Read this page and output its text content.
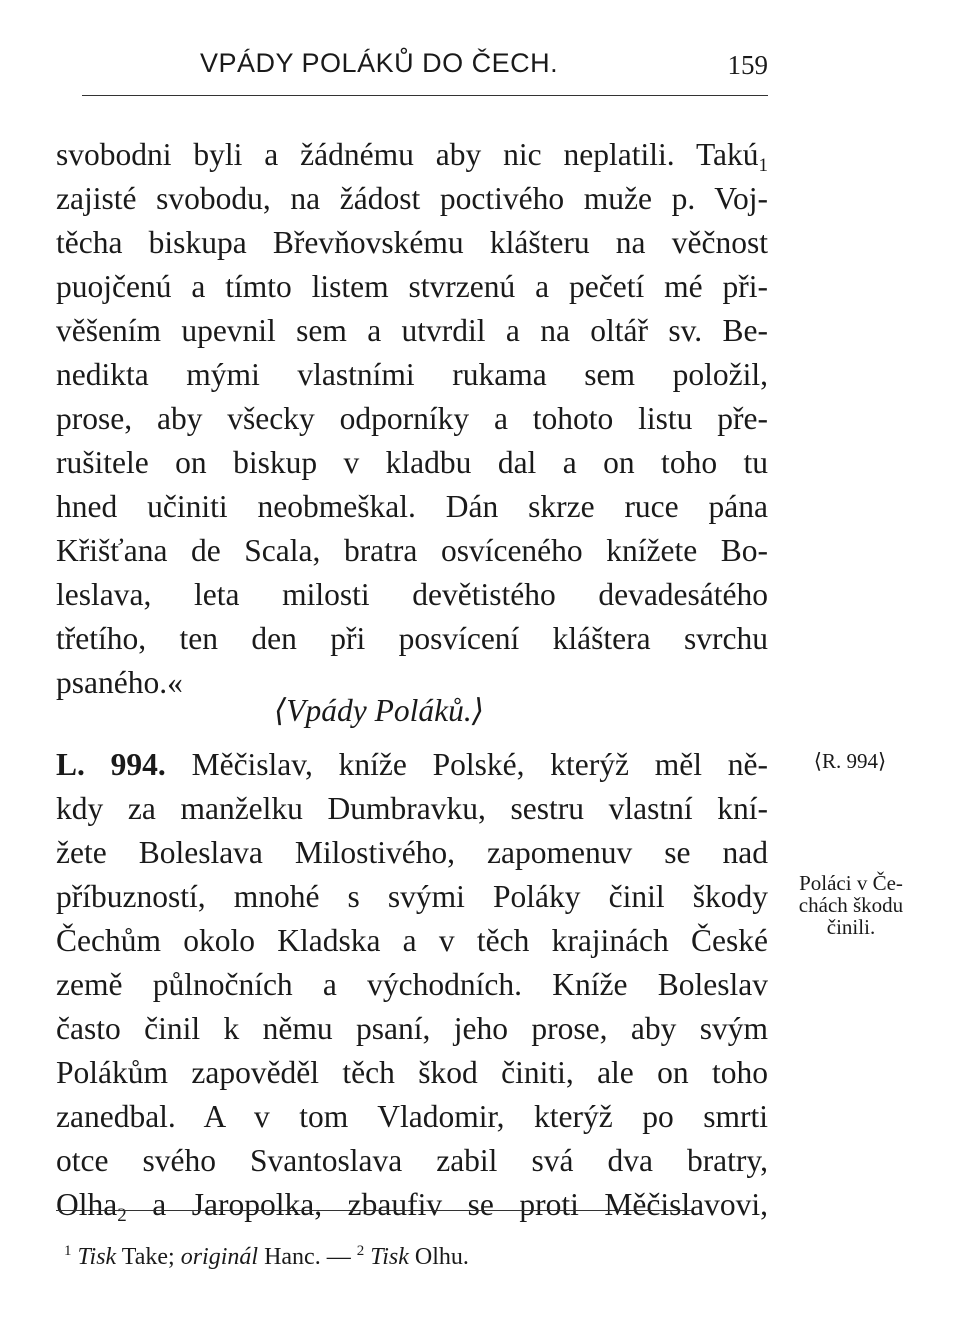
VPÁDY POLÁKŮ DO ČECH.	159
svobodni byli a žádnému aby nic neplatili. Takú$_1$
zajisté svobodu, na žádost poctivého muže p. Voj-
těcha biskupa Břevňovskému klášteru na věčnost
puojčenú a tímto listem stvrzenú a pečetí mé při-
věšením upevnil sem a utvrdil a na oltář sv. Be-
nedikta mými vlastními rukama sem položil,
prose, aby všecky odporníky a tohoto listu pře-
rušitele on biskup v kladbu dal a on toho tu
hned učiniti neobmeškal. Dán skrze ruce pána
Křišťana de Scala, bratra osvíceného knížete Bo-
leslava, leta milosti devětistého devadesátého
třetího, ten den při posvícení kláštera svrchu
psaného.«
⟨Vpády Poláků.⟩
L. 994. Měčislav, kníže Polské, kterýž měl ně-
kdy za manželku Dumbravku, sestru vlastní kní-
žete Boleslava Milostivého, zapomenuv se nad
příbuzností, mnohé s svými Poláky činil škody
Čechům okolo Kladska a v těch krajinách České
země půlnočních a východních. Kníže Boleslav
často činil k němu psaní, jeho prose, aby svým
Polákům zapověděl těch škod činiti, ale on toho
zanedbal. A v tom Vladomir, kterýž po smrti
otce svého Svantoslava zabil svá dva bratry,
Olha$_2$ a Jaropolka, zbaufiv se proti Měčislavovi,
⟨R. 994⟩
Poláci v Če-
chách škodu
činili.
$^1$ Tisk Take; originál Hanc. — $^2$ Tisk Olhu.
